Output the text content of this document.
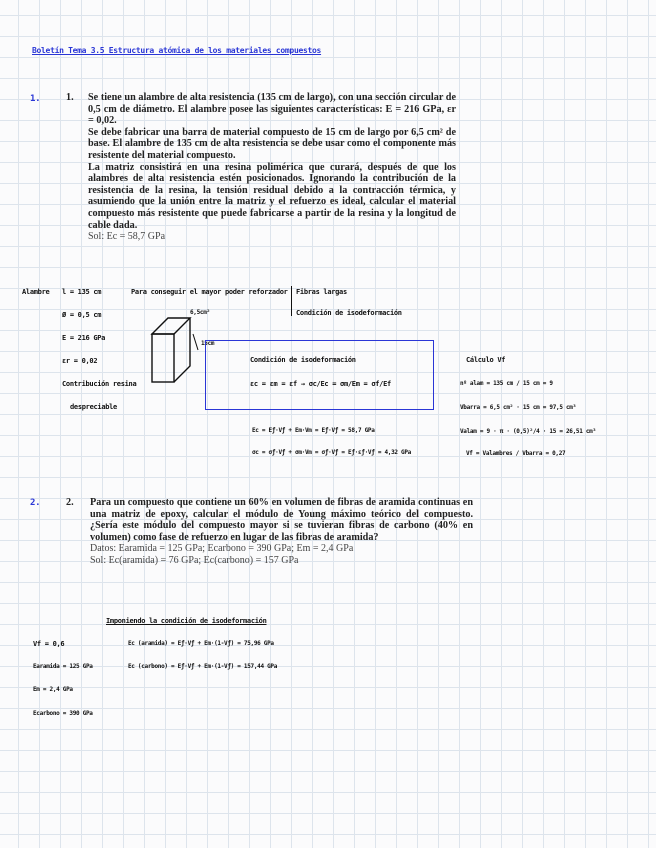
Boletín Tema 3.5 Estructura atómica de los materiales compuestos
1.	1. Se tiene un alambre de alta resistencia (135 cm de largo), con una sección circular de 0,5 cm de diámetro. El alambre posee las siguientes características: E = 216 GPa, εr = 0,02.
Se debe fabricar una barra de material compuesto de 15 cm de largo por 6,5 cm² de base. El alambre de 135 cm de alta resistencia se debe usar como el componente más resistente del material compuesto.
La matriz consistirá en una resina polimérica que curará, después de que los alambres de alta resistencia estén posicionados. Ignorando la contribución de la resistencia de la resina, la tensión residual debido a la contracción térmica, y asumiendo que la unión entre la matriz y el refuerzo es ideal, calcular el material compuesto más resistente que puede fabricarse a partir de la resina y la longitud de cable dada.
Sol: Ec = 58,7 GPa
Alambre l = 135 cm
Ø = 0,5 cm
E = 216 GPa
εr = 0,02
Contribución resina
despreciable
Para conseguir el mayor poder reforzador Fibras largas
Condición de isodeformación
6,5cm²
15cm
Condición de isodeformación
εc = εm = εf → σc/Ec = σm/Em = σf/Ef
Ec = Eƒ·Vƒ + Em·Vm = Eƒ·Vƒ = 58,7 GPa
σc = σƒ·Vƒ + σm·Vm = σƒ·Vƒ = Eƒ·εƒ·Vƒ = 4,32 GPa
Cálculo Vf
nº alam = 135 cm / 15 cm = 9
Vbarra = 6,5 cm² · 15 cm = 97,5 cm³
Valam = 9 · π · (0,5)²/4 · 15 = 26,51 cm³
Vf = Valambres / Vbarra = 0,27
2.	2. Para un compuesto que contiene un 60% en volumen de fibras de aramida continuas en una matriz de epoxy, calcular el módulo de Young máximo teórico del compuesto. ¿Sería este módulo del compuesto mayor si se tuvieran fibras de carbono (40% en volumen) como fase de refuerzo en lugar de las fibras de aramida?
Datos: Earamida = 125 GPa; Ecarbono = 390 GPa; Em = 2,4 GPa
Sol: Ec(aramida) = 76 GPa; Ec(carbono) = 157 GPa
Imponiendo la condición de isodeformación
Vf = 0,6
Earamida = 125 GPa
Em = 2,4 GPa
Ecarbono = 390 GPa
Ec (aramida) = Eƒ·Vƒ + Em·(1-Vƒ) = 75,96 GPa
Ec (carbono) = Eƒ·Vƒ + Em·(1-Vƒ) = 157,44 GPa
